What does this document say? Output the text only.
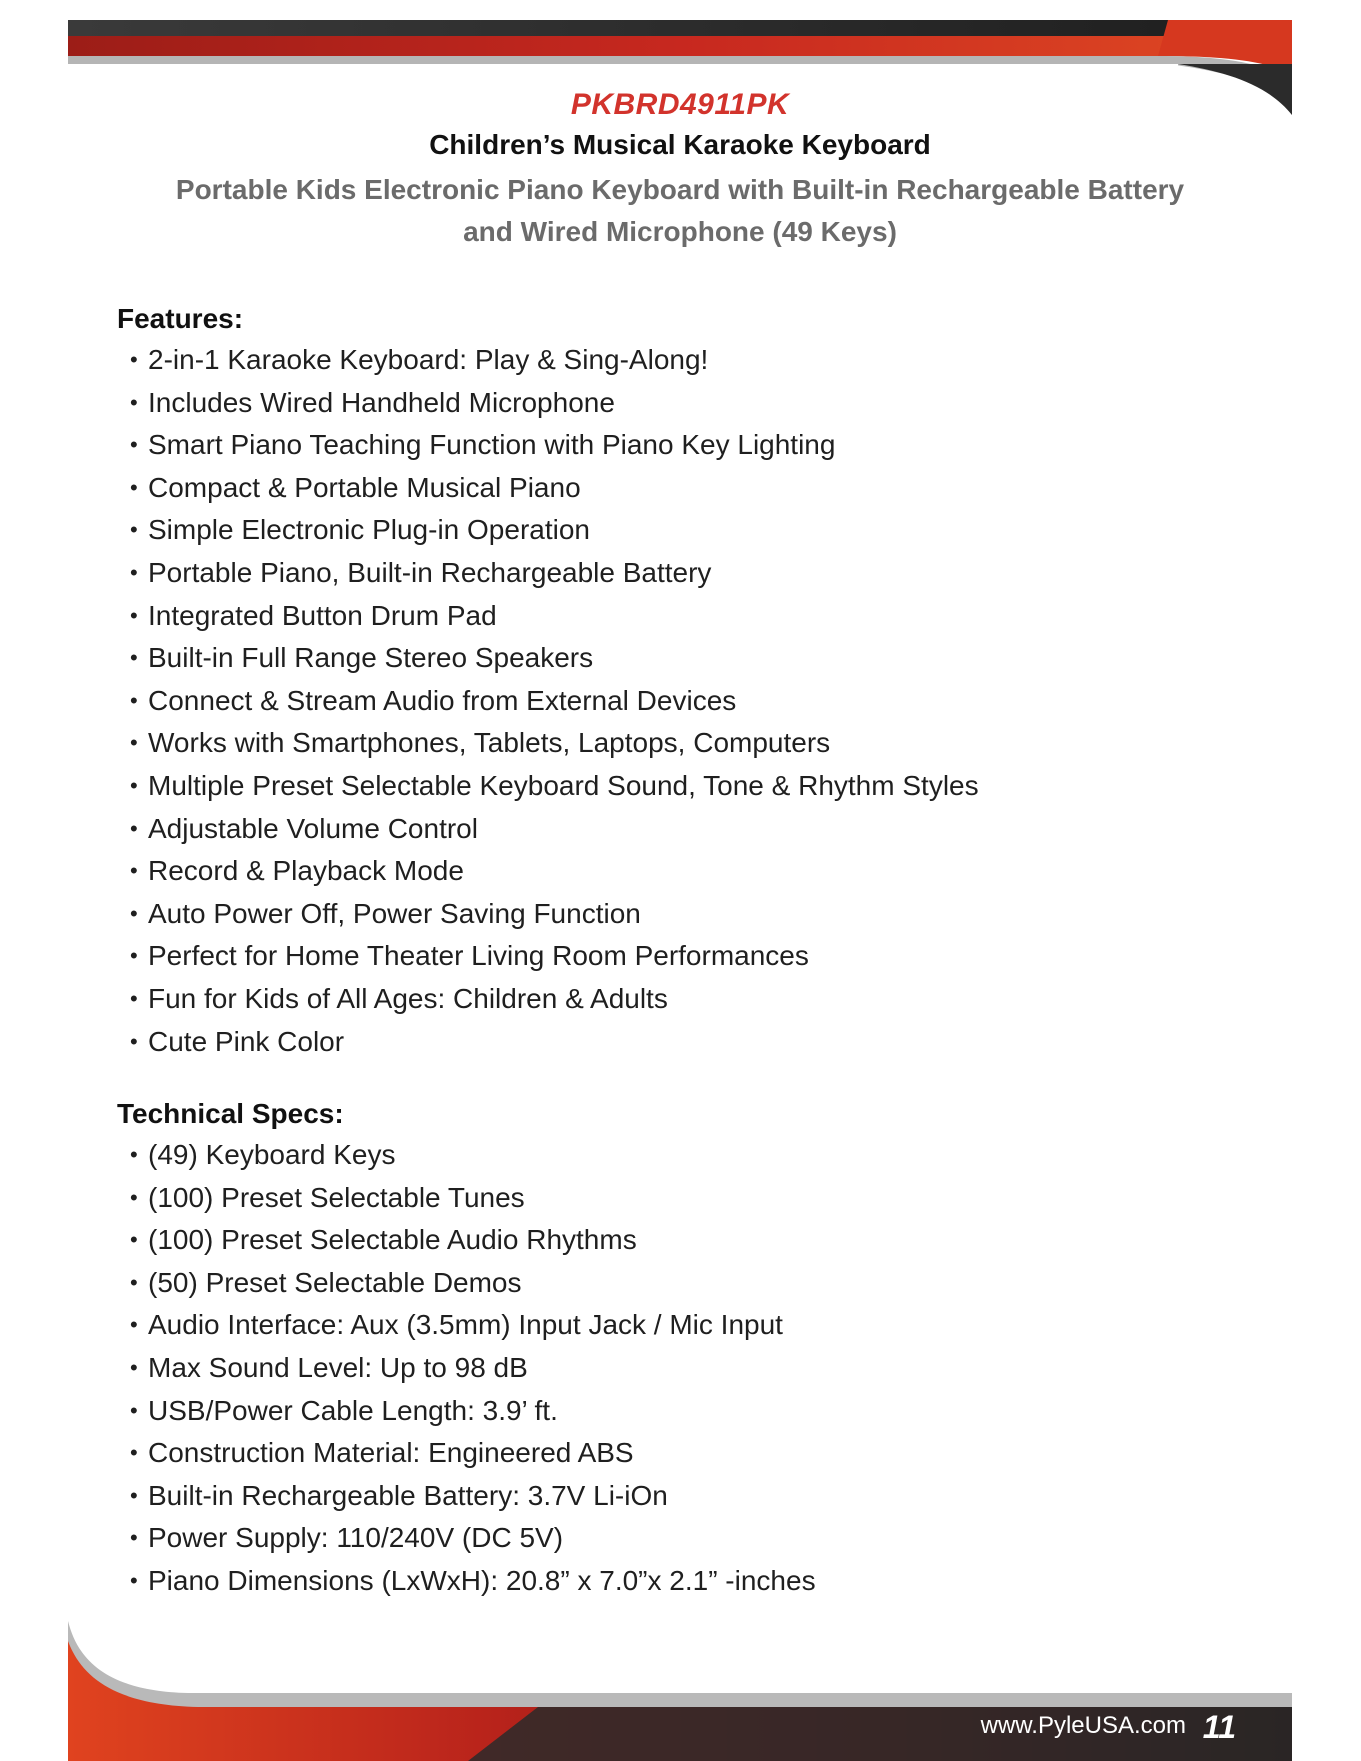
PKBRD4911PK

Children’s Musical Karaoke Keyboard

Portable Kids Electronic Piano Keyboard with Built-in Rechargeable Battery and Wired Microphone (49 Keys)

Features:

• 2-in-1 Karaoke Keyboard: Play & Sing-Along!
• Includes Wired Handheld Microphone
• Smart Piano Teaching Function with Piano Key Lighting
• Compact & Portable Musical Piano
• Simple Electronic Plug-in Operation
• Portable Piano, Built-in Rechargeable Battery
• Integrated Button Drum Pad
• Built-in Full Range Stereo Speakers
• Connect & Stream Audio from External Devices
• Works with Smartphones, Tablets, Laptops, Computers
• Multiple Preset Selectable Keyboard Sound, Tone & Rhythm Styles
• Adjustable Volume Control
• Record & Playback Mode
• Auto Power Off, Power Saving Function
• Perfect for Home Theater Living Room Performances
• Fun for Kids of All Ages: Children & Adults
• Cute Pink Color

Technical Specs:

• (49) Keyboard Keys
• (100) Preset Selectable Tunes
• (100) Preset Selectable Audio Rhythms
• (50) Preset Selectable Demos
• Audio Interface: Aux (3.5mm) Input Jack / Mic Input
• Max Sound Level: Up to 98 dB
• USB/Power Cable Length: 3.9’ ft.
• Construction Material: Engineered ABS
• Built-in Rechargeable Battery: 3.7V Li-iOn
• Power Supply: 110/240V (DC 5V)
• Piano Dimensions (LxWxH): 20.8” x 7.0”x 2.1” -inches
www.PyleUSA.com 11
